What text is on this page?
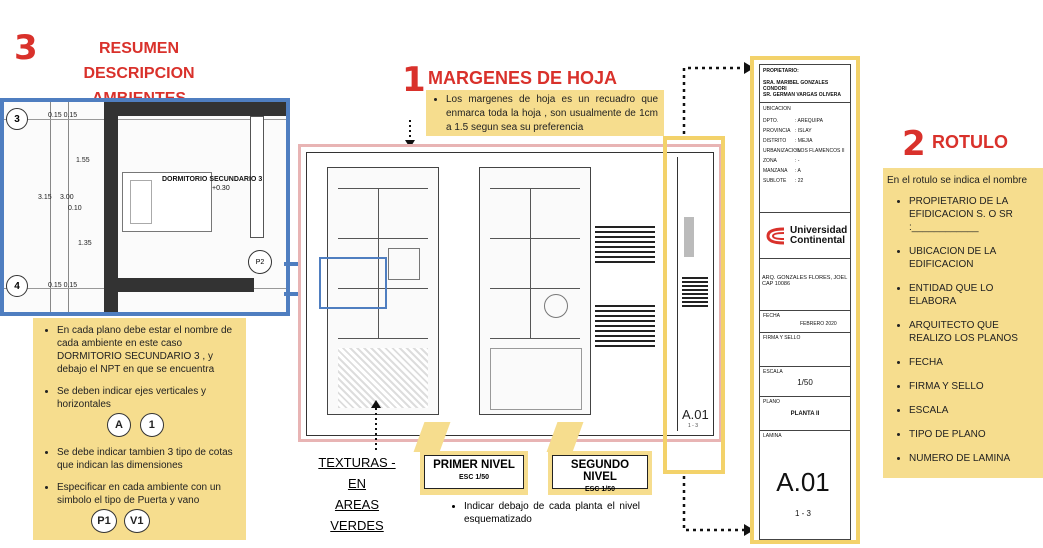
3	RESUMEN DESCRIPCION
DORMITORIO SECUNDARIO 3
+0.30
P2
3
4
0.15 0.15
0.15 0.15
1.55
3.15 3.00
0.10
1.35
• En cada plano debe estar el nombre de cada ambiente en este caso DORMITORIO SECUNDARIO 3 , y debajo el NPT en que se encuentra
• Se deben indicar ejes verticales y horizontales
A 1
• Se debe indicar tambien 3 tipo de cotas que indican las dimensiones
• Especificar en cada ambiente con un simbolo el tipo de Puerta y vano
P1 V1
1 MARGENES DE HOJA
• Los margenes de hoja es un recuadro que enmarca toda la hoja , son usualmente de 1cm a 1.5 segun sea su preferencia
A.01
1 - 3
PRIMER NIVEL
ESC 1/50
SEGUNDO NIVEL
ESC 1/50
• Indicar debajo de cada planta el nivel esquematizado
TEXTURAS - EN
AREAS VERDES
PROPIETARIO:
SRA. MARIBEL GONZALES CONDORI
SR. GERMAN VARGAS OLIVERA
UBICACION
DPTO.	: AREQUIPA
PROVINCIA : ISLAY
DISTRITO	: MEJIA
URBANIZACION
: LOS FLAMENCOS II
ZONA	: -
MANZANA	: A
SUBLOTE	: 22
Universidad
Continental
ARQ. GONZALES FLORES, JOEL
CAP 10086
FECHA
FEBRERO 2020
FIRMA Y SELLO
ESCALA
1/50
PLANO
PLANTA II
LAMINA
A.01
1 - 3
2 ROTULO
En el rotulo se indica el nombre
• PROPIETARIO DE LA EFIDICACION S. O SR :____________
• UBICACION DE LA EDIFICACION
• ENTIDAD QUE LO ELABORA
• ARQUITECTO QUE REALIZO LOS PLANOS
• FECHA
• FIRMA Y SELLO
• ESCALA
• TIPO DE PLANO
• NUMERO DE LAMINA
